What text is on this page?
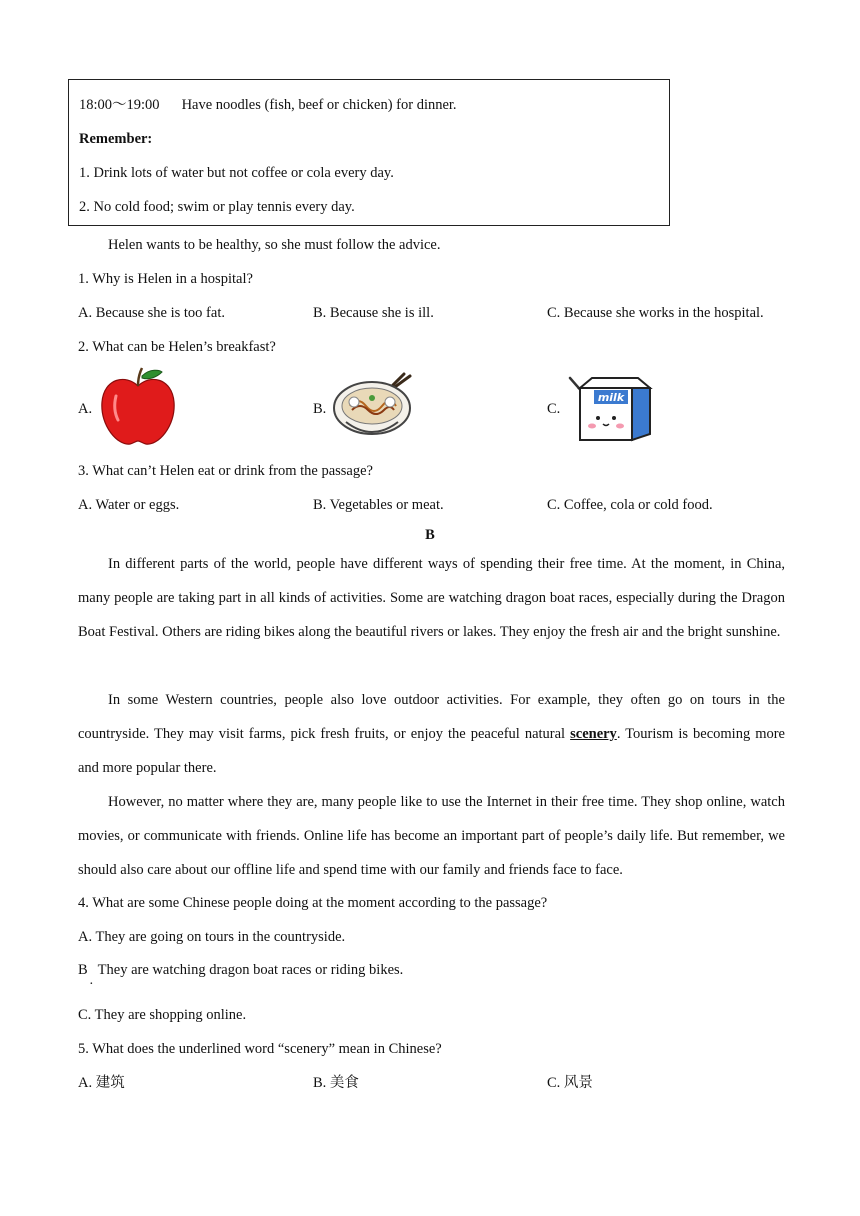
18:00～19:00 Have noodles (fish, beef or chicken) for dinner.
Remember:
1. Drink lots of water but not coffee or cola every day.
2. No cold food; swim or play tennis every day.
Helen wants to be healthy, so she must follow the advice.
1. Why is Helen in a hospital?
A. Because she is too fat.	B. Because she is ill.	C. Because she works in the hospital.
2. What can be Helen’s breakfast?
A.	B.	C.
milk
3. What can’t Helen eat or drink from the passage?
A. Water or eggs.	B. Vegetables or meat.	C. Coffee, cola or cold food.
B
In different parts of the world, people have different ways of spending their free time. At the moment, in China, many people are taking part in all kinds of activities. Some are watching dragon boat races, especially during the Dragon Boat Festival. Others are riding bikes along the beautiful rivers or lakes. They enjoy the fresh air and the bright sunshine.
In some Western countries, people also love outdoor activities. For example, they often go on tours in the countryside. They may visit farms, pick fresh fruits, or enjoy the peaceful natural scenery. Tourism is becoming more and more popular there.
However, no matter where they are, many people like to use the Internet in their free time. They shop online, watch movies, or communicate with friends. Online life has become an important part of people’s daily life. But remember, we should also care about our offline life and spend time with our family and friends face to face.
4. What are some Chinese people doing at the moment according to the passage?
A. They are going on tours in the countryside.
B They are watching dragon boat races or riding bikes.
·
C. They are shopping online.
5. What does the underlined word “scenery” mean in Chinese?
A. 建筑	B. 美食	C. 风景
